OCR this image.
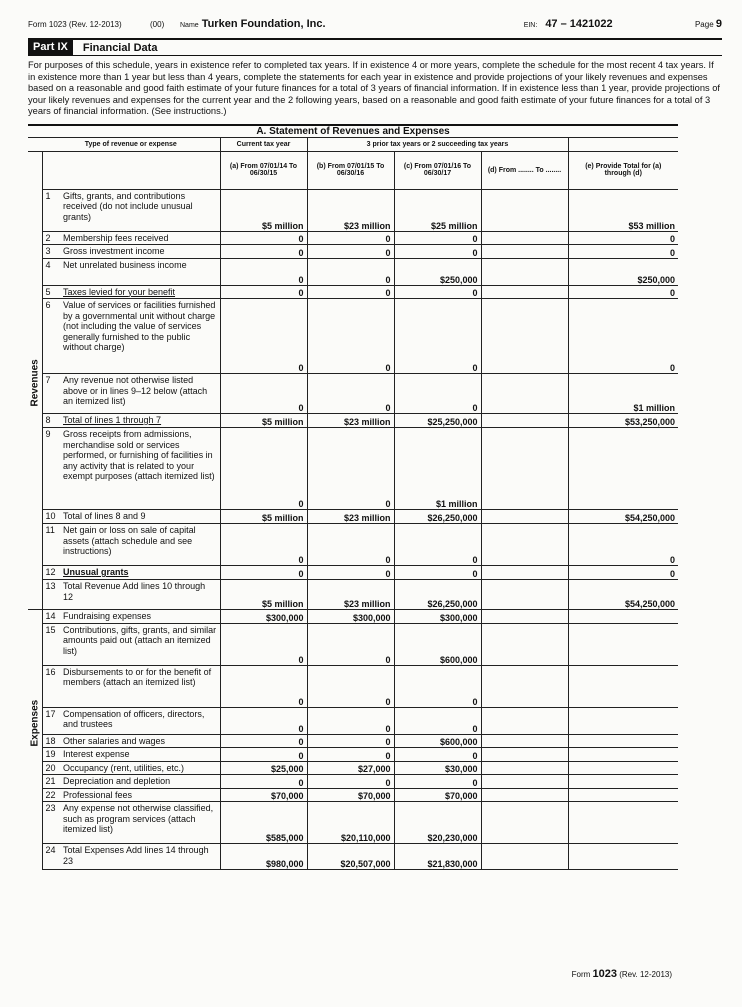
Form 1023 (Rev. 12-2013)	(00)	Name Turken Foundation, Inc.	EIN: 47 – 1421022	Page 9
Part IX	Financial Data
For purposes of this schedule, years in existence refer to completed tax years. If in existence 4 or more years, complete the schedule for the most recent 4 tax years. If in existence more than 1 year but less than 4 years, complete the statements for each year in existence and provide projections of your likely revenues and expenses based on a reasonable and good faith estimate of your future finances for a total of 3 years of financial information. If in existence less than 1 year, provide projections of your likely revenues and expenses for the current year and the 2 following years, based on a reasonable and good faith estimate of your future finances for a total of 3 years of financial information. (See instructions.)
A. Statement of Revenues and Expenses							
	Type of revenue or expense		Current tax year	3 prior tax years or 2 succeeding tax years			
			(a) From 07/01/14 To 06/30/15	(b) From 07/01/15 To 06/30/16	(c) From 07/01/16 To 06/30/17	(d) From ........ To ........	(e) Provide Total for (a) through (d)

Revenues	1	Gifts, grants, and contributions received (do not include unusual grants)	$5 million	$23 million	$25 million		$53 million
	2	Membership fees received	0	0	0		0
	3	Gross investment income	0	0	0		0
	4	Net unrelated business income	0	0	$250,000		$250,000
	5	Taxes levied for your benefit	0	0	0		0
	6	Value of services or facilities furnished by a governmental unit without charge (not including the value of services generally furnished to the public without charge)	0	0	0		0
	7	Any revenue not otherwise listed above or in lines 9–12 below (attach an itemized list)	0	0	0		$1 million
	8	Total of lines 1 through 7	$5 million	$23 million	$25,250,000		$53,250,000
	9	Gross receipts from admissions, merchandise sold or services performed, or furnishing of facilities in any activity that is related to your exempt purposes (attach itemized list)	0	0	$1 million		
	10	Total of lines 8 and 9	$5 million	$23 million	$26,250,000		$54,250,000
	11	Net gain or loss on sale of capital assets (attach schedule and see instructions)	0	0	0		0
	12	Unusual grants	0	0	0		0
	13	Total Revenue Add lines 10 through 12	$5 million	$23 million	$26,250,000		$54,250,000

Expenses	14	Fundraising expenses	$300,000	$300,000	$300,000		
	15	Contributions, gifts, grants, and similar amounts paid out (attach an itemized list)	0	0	$600,000		
	16	Disbursements to or for the benefit of members (attach an itemized list)	0	0	0		
	17	Compensation of officers, directors, and trustees	0	0	0		
	18	Other salaries and wages	0	0	$600,000		
	19	Interest expense	0	0	0		
	20	Occupancy (rent, utilities, etc.)	$25,000	$27,000	$30,000		
	21	Depreciation and depletion	0	0	0		
	22	Professional fees	$70,000	$70,000	$70,000		
	23	Any expense not otherwise classified, such as program services (attach itemized list)	$585,000	$20,110,000	$20,230,000		
	24	Total Expenses Add lines 14 through 23	$980,000	$20,507,000	$21,830,000		
Form 1023 (Rev. 12-2013)
